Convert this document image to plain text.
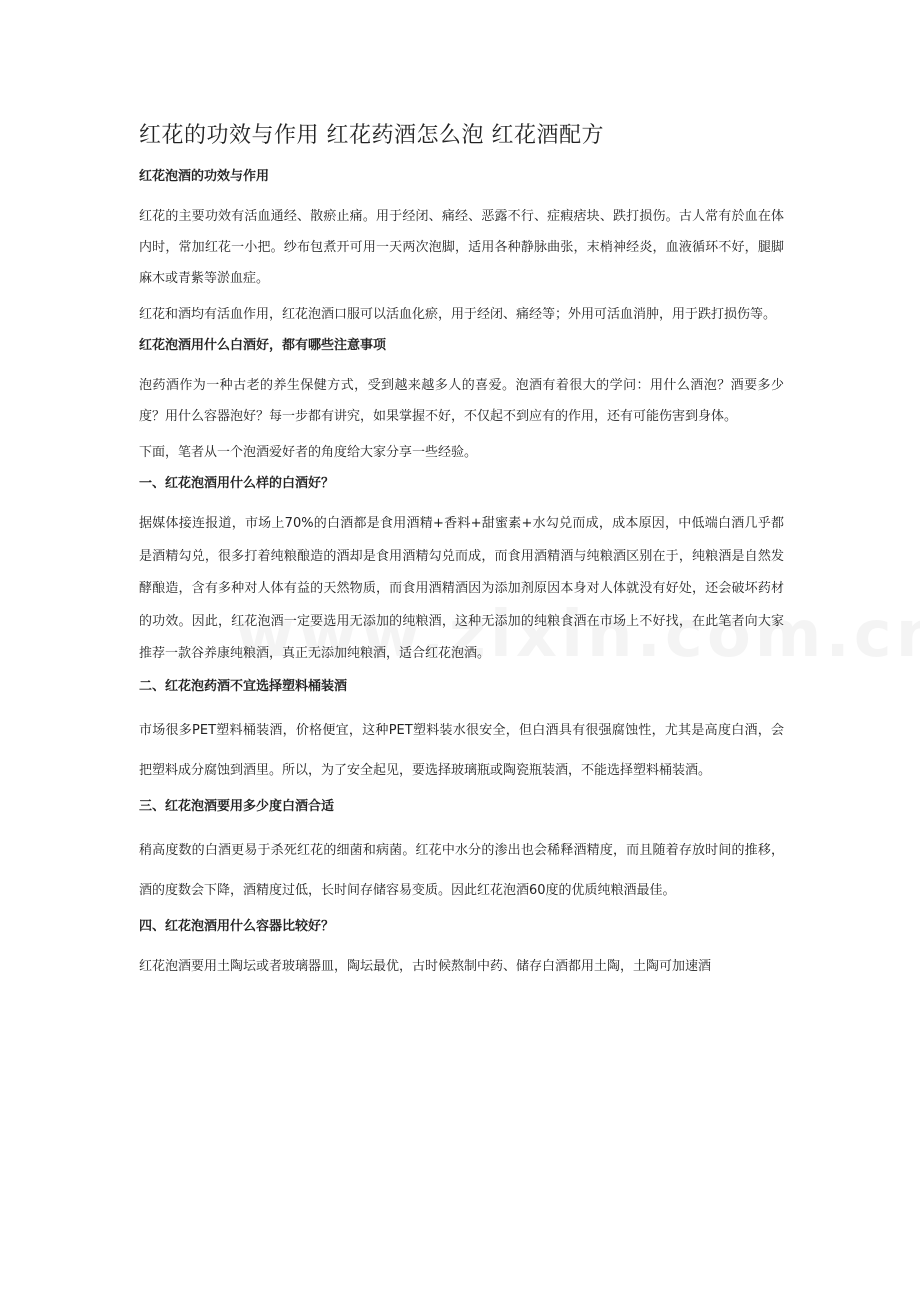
红花的功效与作用 红花药酒怎么泡 红花酒配方
红花泡酒的功效与作用

红花的主要功效有活血通经、散瘀止痛。用于经闭、痛经、恶露不行、症瘕痞块、跌打损伤。古人常有於血在体内时，常加红花一小把。纱布包煮开可用一天两次泡脚，适用各种静脉曲张，末梢神经炎，血液循环不好，腿脚麻木或青紫等淤血症。

红花和酒均有活血作用，红花泡酒口服可以活血化瘀，用于经闭、痛经等；外用可活血消肿，用于跌打损伤等。

红花泡酒用什么白酒好，都有哪些注意事项

泡药酒作为一种古老的养生保健方式，受到越来越多人的喜爱。泡酒有着很大的学问：用什么酒泡？酒要多少度？用什么容器泡好？每一步都有讲究，如果掌握不好，不仅起不到应有的作用，还有可能伤害到身体。

下面，笔者从一个泡酒爱好者的角度给大家分享一些经验。

一、红花泡酒用什么样的白酒好？

据媒体接连报道，市场上70%的白酒都是食用酒精+香料+甜蜜素+水勾兑而成，成本原因，中低端白酒几乎都是酒精勾兑，很多打着纯粮酿造的酒却是食用酒精勾兑而成，而食用酒精酒与纯粮酒区别在于，纯粮酒是自然发酵酿造，含有多种对人体有益的天然物质，而食用酒精酒因为添加剂原因本身对人体就没有好处，还会破坏药材的功效。因此，红花泡酒一定要选用无添加的纯粮酒，这种无添加的纯粮食酒在市场上不好找，在此笔者向大家推荐一款谷养康纯粮酒，真正无添加纯粮酒，适合红花泡酒。

二、红花泡药酒不宜选择塑料桶装酒

市场很多PET塑料桶装酒，价格便宜，这种PET塑料装水很安全，但白酒具有很强腐蚀性，尤其是高度白酒，会把塑料成分腐蚀到酒里。所以，为了安全起见，要选择玻璃瓶或陶瓷瓶装酒，不能选择塑料桶装酒。

三、红花泡酒要用多少度白酒合适

稍高度数的白酒更易于杀死红花的细菌和病菌。红花中水分的渗出也会稀释酒精度，而且随着存放时间的推移，酒的度数会下降，酒精度过低，长时间存储容易变质。因此红花泡酒60度的优质纯粮酒最佳。

四、红花泡酒用什么容器比较好？

红花泡酒要用土陶坛或者玻璃器皿，陶坛最优，古时候熬制中药、储存白酒都用土陶，土陶可加速酒
